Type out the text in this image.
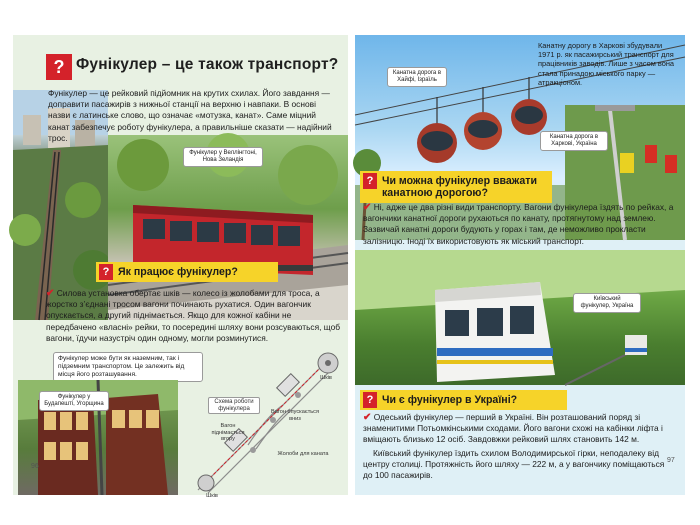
? Фунікулер – це також транспорт?
Фунікулер — це рейковий підйомник на крутих схилах. Його завдання — доправити пасажирів з нижньої станції на верхню і навпаки. В основі назви є латинське слово, що означає «мотузка, канат». Саме міцний канат забезпечує роботу фунікулера, а правильніше сказати — надійний трос.
Фунікулер у Веллінгтоні, Нова Зеландія
? Як працює фунікулер?
✔ Силова установка обертає шків — колесо із жолобами для троса, а жорстко з’єднані тросом вагони починають рухатися. Один вагончик опускається, а другий піднімається. Якщо для кожної кабіни не передбачено «власні» рейки, то посередині шляху вони розсуваються, щоб вагони, їдучи назустріч один одному, могли розминутися.
Фунікулер може бути як наземним, так і підземним транспортом. Це залежить від місця його розташування.
Фунікулер у Будапешті, Угорщина	Схема роботи фунікулера
Шків
Вагон піднімається вгору
Вагон опускається вниз
Жолоби для каната
Шків
96
Канатна дорога в Хайфі, Ізраїль
Канатну дорогу в Харкові збудували 1971 р. як пасажирський транспорт для працівників заводів. Лише з часом вона стала принадою міського парку — атракціоном.
Канатна дорога в Харкові, Україна
? Чи можна фунікулер вважати канатною дорогою?
✔ Ні, адже це два різні види транспорту. Вагони фунікулера їздять по рейках, а вагончики канатної дороги рухаються по канату, протягнутому над землею. Зазвичай канатні дороги будують у горах і там, де неможливо прокласти залізницю. Іноді їх використовують як міський транспорт.
Київський фунікулер, Україна
? Чи є фунікулер в Україні?
✔ Одеський фунікулер — перший в Україні. Він розташований поряд зі знаменитими Потьомкінськими сходами. Його вагони схожі на кабінки ліфта і вміщають близько 12 осіб. Завдовжки рейковий шлях становить 142 м.
Київський фунікулер їздить схилом Володимирської гірки, неподалеку від центру столиці. Протяжність його шляху — 222 м, а у вагончику поміщаються до 100 пасажирів.
97
